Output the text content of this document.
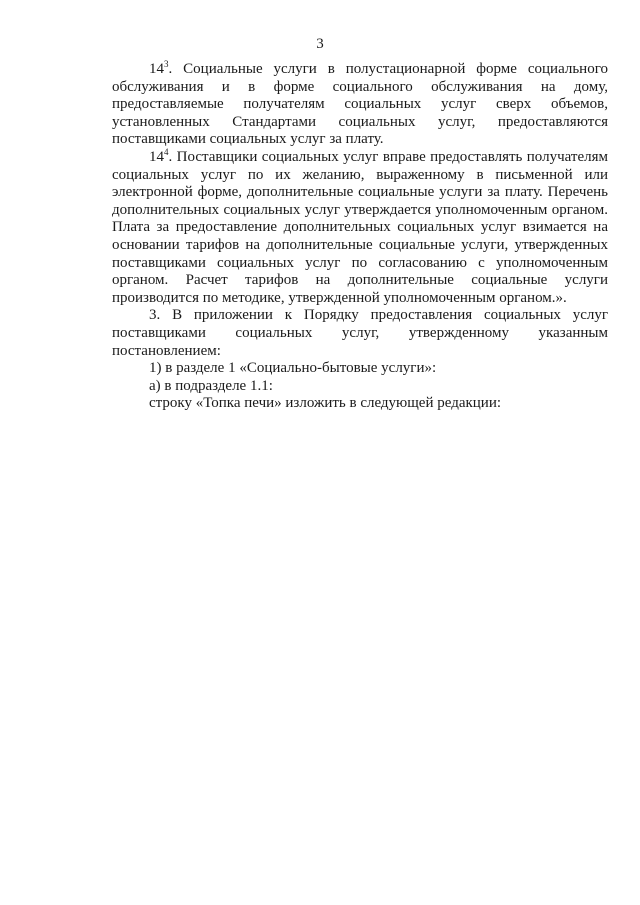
3
$14^3$. Социальные услуги в полустационарной форме социального
обслуживания и в форме социального обслуживания на дому,
предоставляемые получателям социальных услуг сверх объемов,
установленных Стандартами социальных услуг, предоставляются
поставщиками социальных услуг за плату.
$14^4$. Поставщики социальных услуг вправе предоставлять получателям
социальных услуг по их желанию, выраженному в письменной или
электронной форме, дополнительные социальные услуги за плату. Перечень
дополнительных социальных услуг утверждается уполномоченным органом.
Плата за предоставление дополнительных социальных услуг взимается на
основании тарифов на дополнительные социальные услуги, утвержденных
поставщиками социальных услуг по согласованию с уполномоченным
органом. Расчет тарифов на дополнительные социальные услуги
производится по методике, утвержденной уполномоченным органом.».
3. В приложении к Порядку предоставления социальных услуг
поставщиками социальных услуг, утвержденному указанным
постановлением:

1) в разделе 1 «Социально-бытовые услуги»:

а) в подразделе 1.1:

строку «Топка печи» изложить в следующей редакции:
